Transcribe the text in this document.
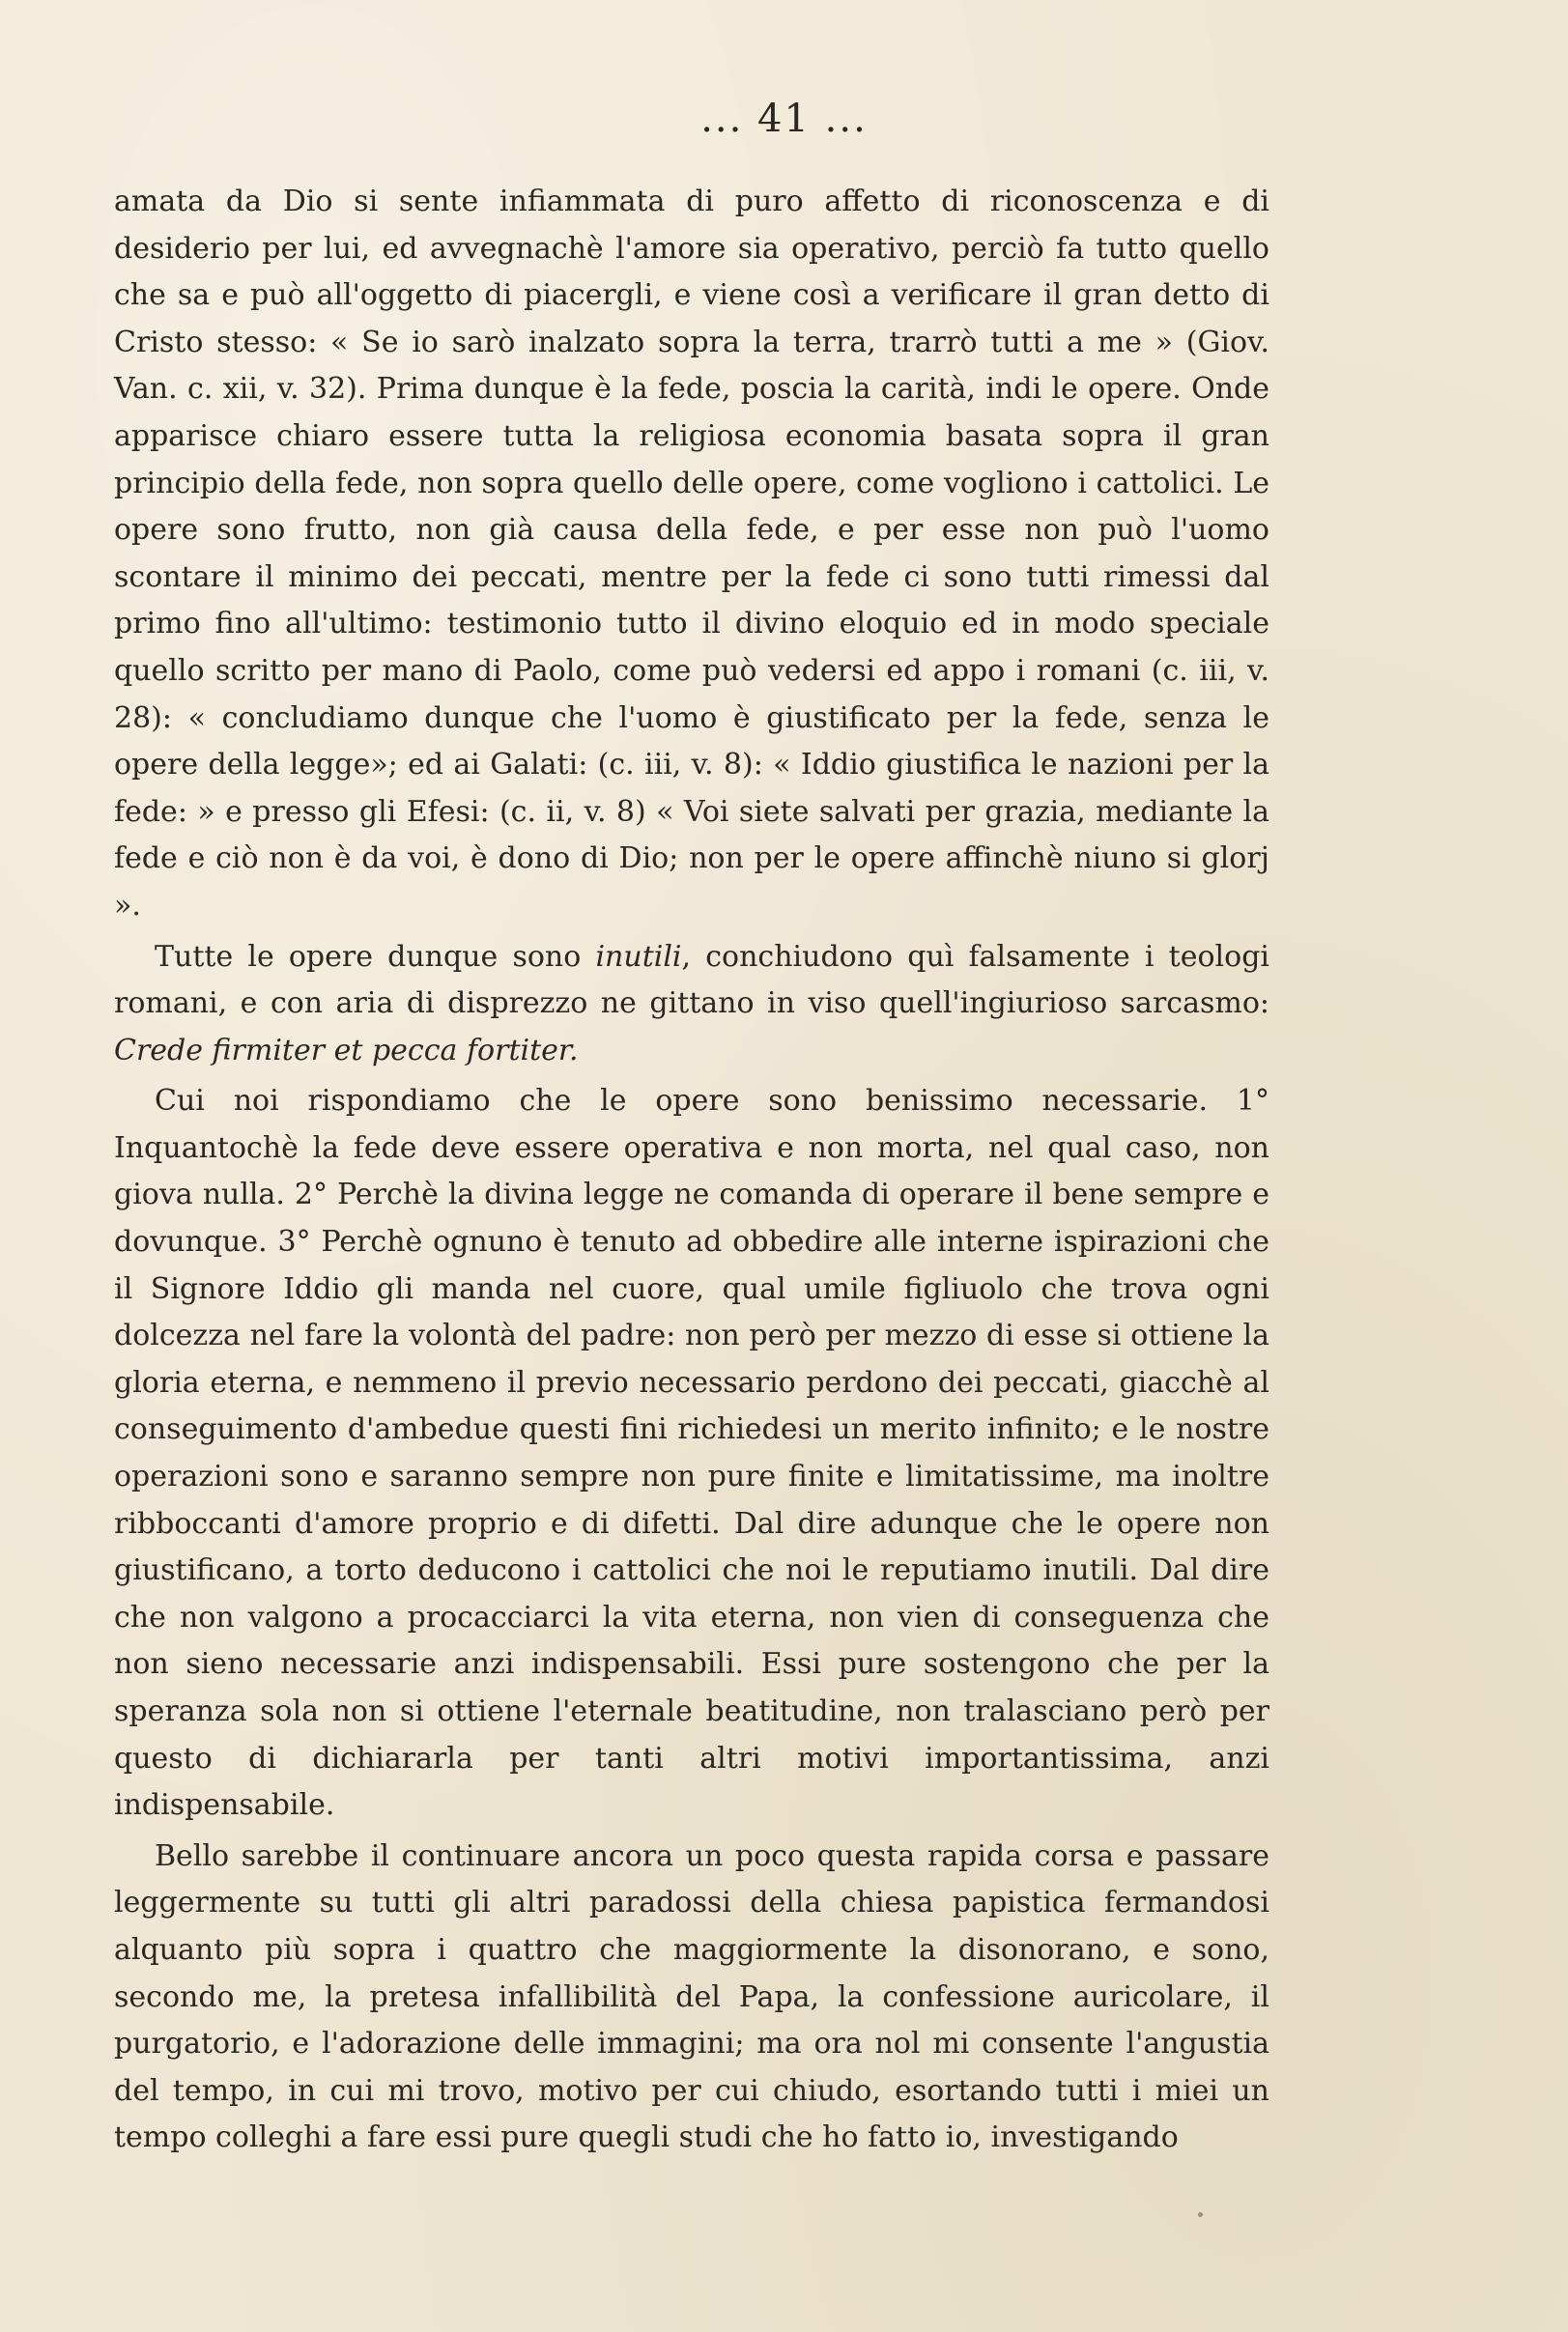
... 41 ...

amata da Dio si sente infiammata di puro affetto di riconoscenza e di desiderio per lui, ed avvegnachè l'amore sia operativo, perciò fa tutto quello che sa e può all'oggetto di piacergli, e viene così a verificare il gran detto di Cristo stesso: « Se io sarò inalzato sopra la terra, trarrò tutti a me » (Giov. Van. c. xii, v. 32). Prima dunque è la fede, poscia la carità, indi le opere. Onde apparisce chiaro essere tutta la religiosa economia basata sopra il gran principio della fede, non sopra quello delle opere, come vogliono i cattolici. Le opere sono frutto, non già causa della fede, e per esse non può l'uomo scontare il minimo dei peccati, mentre per la fede ci sono tutti rimessi dal primo fino all'ultimo: testimonio tutto il divino eloquio ed in modo speciale quello scritto per mano di Paolo, come può vedersi ed appo i romani (c. iii, v. 28): « concludiamo dunque che l'uomo è giustificato per la fede, senza le opere della legge»; ed ai Galati: (c. iii, v. 8): « Iddio giustifica le nazioni per la fede: » e presso gli Efesi: (c. ii, v. 8) « Voi siete salvati per grazia, mediante la fede e ciò non è da voi, è dono di Dio; non per le opere affinchè niuno si glorj ».

Tutte le opere dunque sono inutili, conchiudono quì falsamente i teologi romani, e con aria di disprezzo ne gittano in viso quell'ingiurioso sarcasmo: Crede firmiter et pecca fortiter.

Cui noi rispondiamo che le opere sono benissimo necessarie. 1° Inquantochè la fede deve essere operativa e non morta, nel qual caso, non giova nulla. 2° Perchè la divina legge ne comanda di operare il bene sempre e dovunque. 3° Perchè ognuno è tenuto ad obbedire alle interne ispirazioni che il Signore Iddio gli manda nel cuore, qual umile figliuolo che trova ogni dolcezza nel fare la volontà del padre: non però per mezzo di esse si ottiene la gloria eterna, e nemmeno il previo necessario perdono dei peccati, giacchè al conseguimento d'ambedue questi fini richiedesi un merito infinito; e le nostre operazioni sono e saranno sempre non pure finite e limitatissime, ma inoltre ribboccanti d'amore proprio e di difetti. Dal dire adunque che le opere non giustificano, a torto deducono i cattolici che noi le reputiamo inutili. Dal dire che non valgono a procacciarci la vita eterna, non vien di conseguenza che non sieno necessarie anzi indispensabili. Essi pure sostengono che per la speranza sola non si ottiene l'eternale beatitudine, non tralasciano però per questo di dichiararla per tanti altri motivi importantissima, anzi indispensabile.

Bello sarebbe il continuare ancora un poco questa rapida corsa e passare leggermente su tutti gli altri paradossi della chiesa papistica fermandosi alquanto più sopra i quattro che maggiormente la disonorano, e sono, secondo me, la pretesa infallibilità del Papa, la confessione auricolare, il purgatorio, e l'adorazione delle immagini; ma ora nol mi consente l'angustia del tempo, in cui mi trovo, motivo per cui chiudo, esortando tutti i miei un tempo colleghi a fare essi pure quegli studi che ho fatto io, investigando
